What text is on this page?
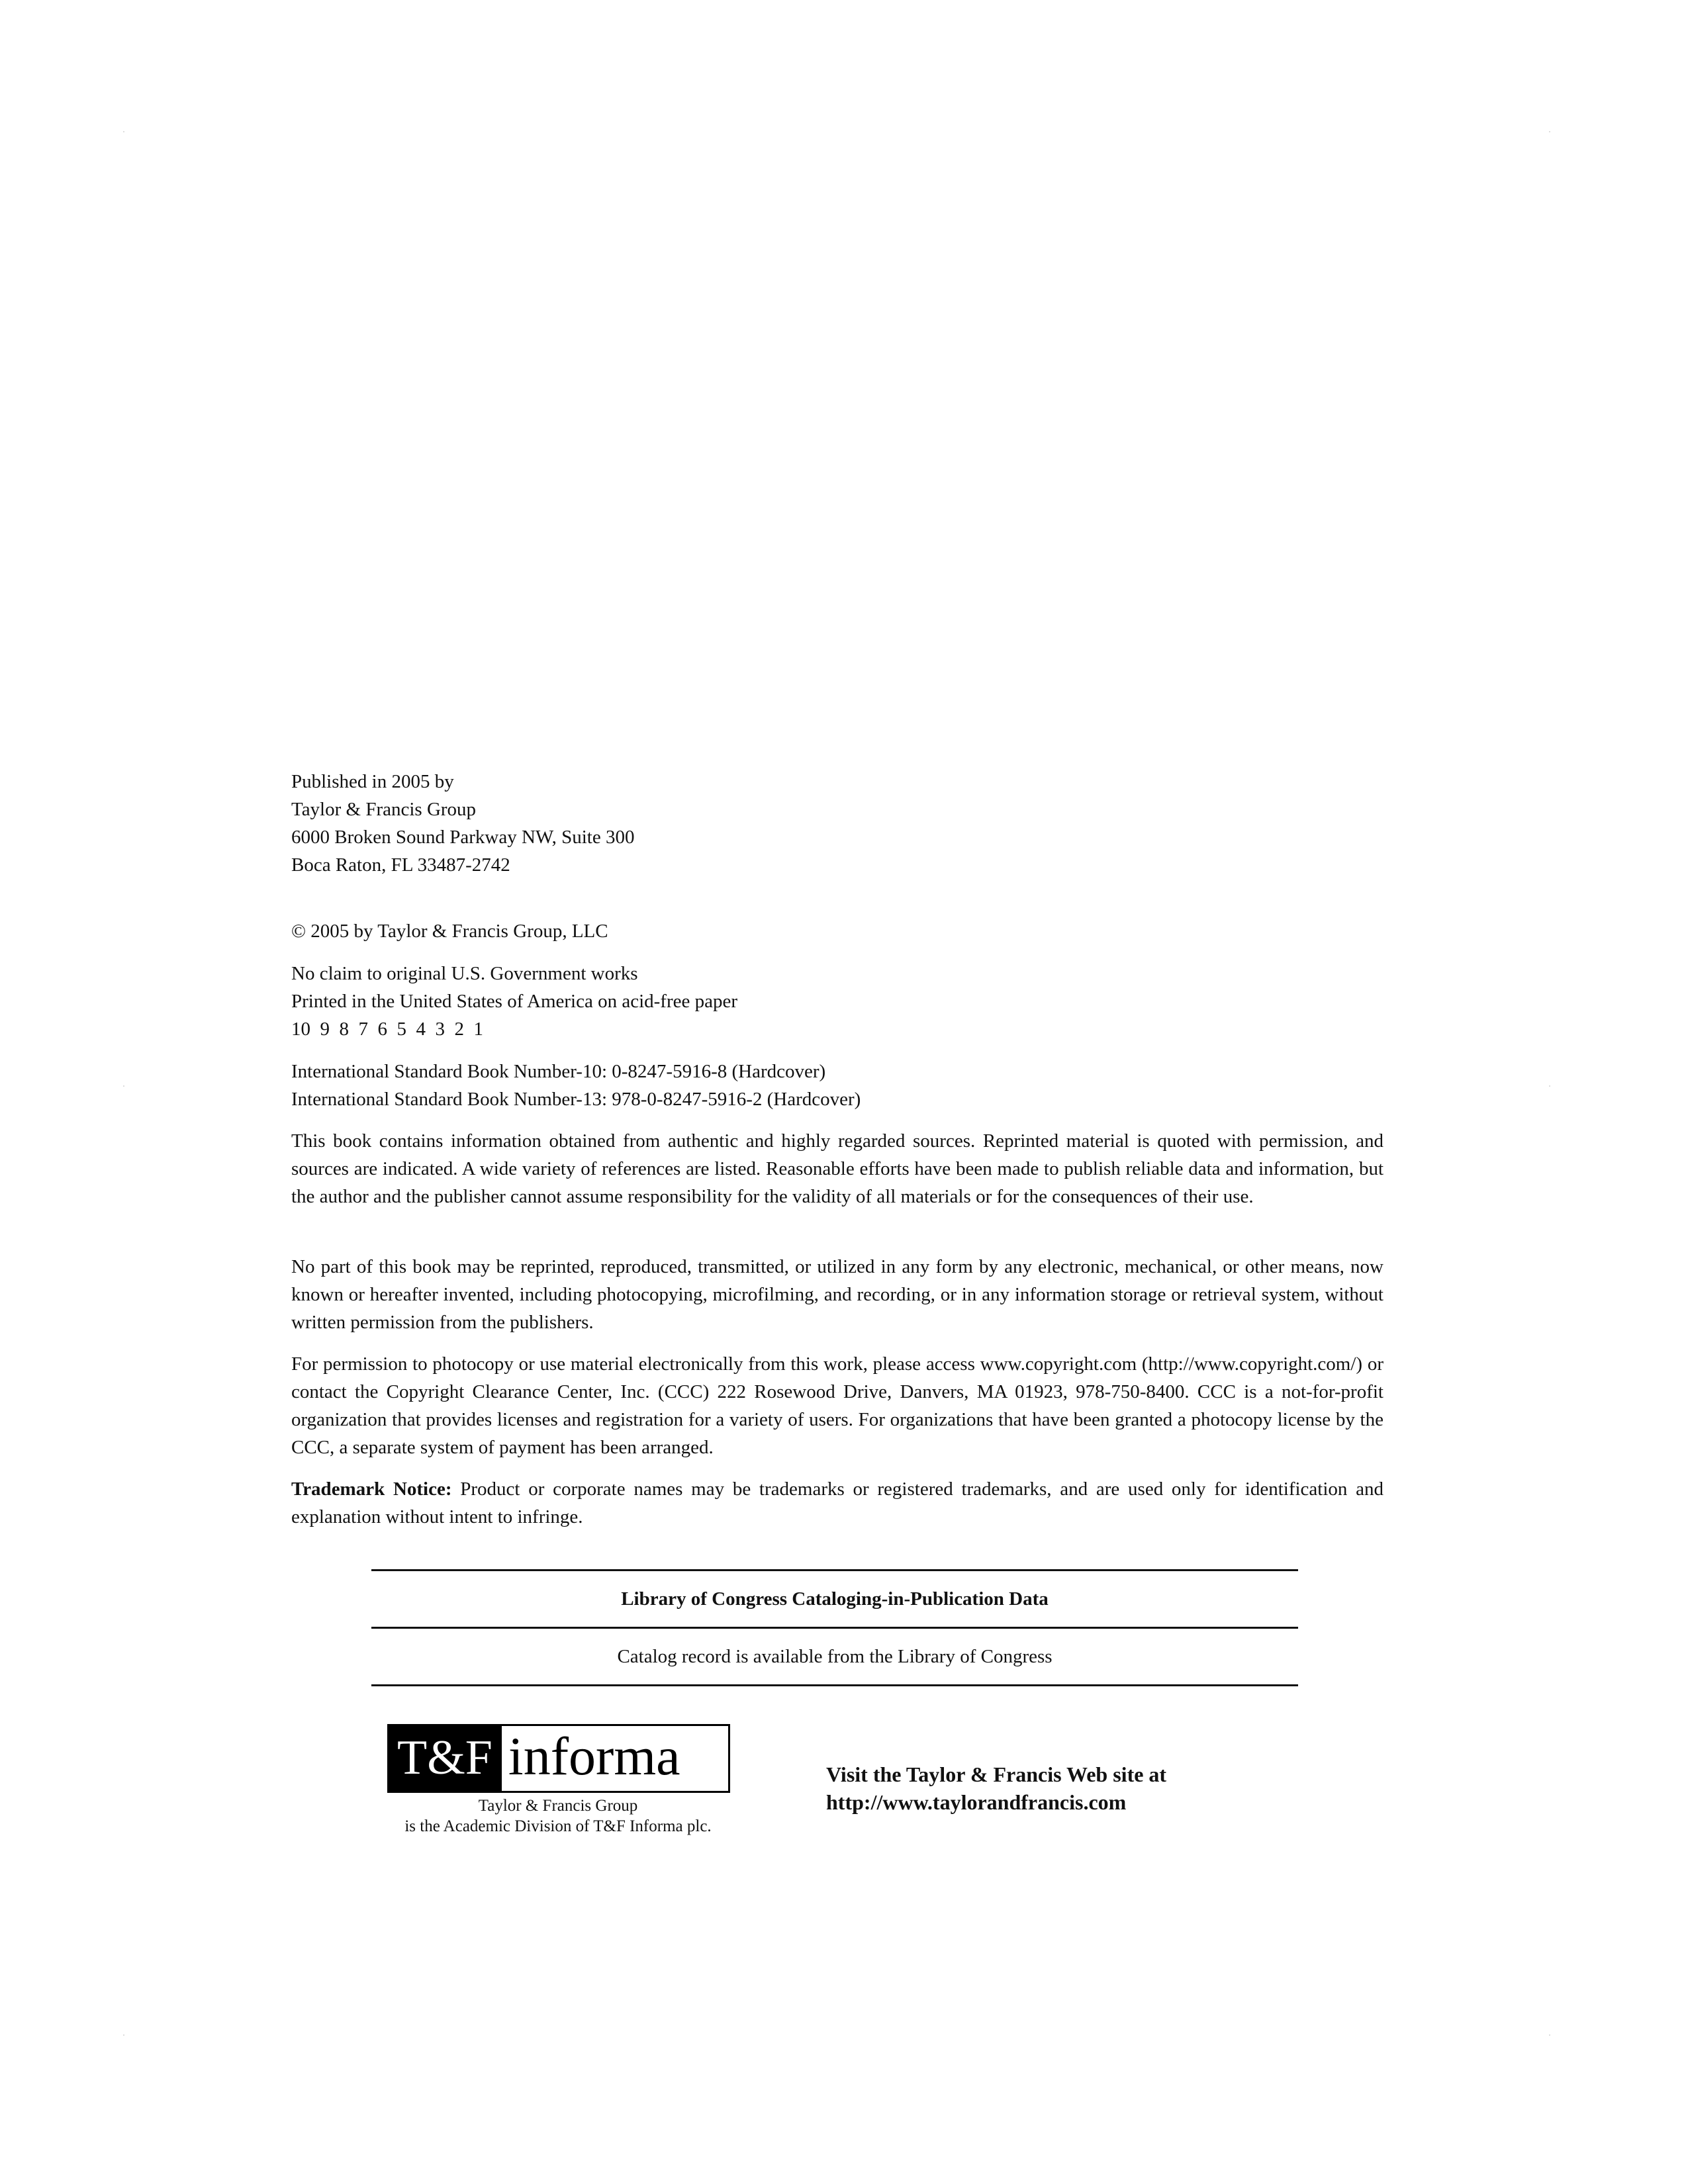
Published in 2005 by
Taylor & Francis Group
6000 Broken Sound Parkway NW, Suite 300
Boca Raton, FL 33487-2742
© 2005 by Taylor & Francis Group, LLC
No claim to original U.S. Government works
Printed in the United States of America on acid-free paper
10  9  8  7  6  5  4  3  2  1
International Standard Book Number-10: 0-8247-5916-8 (Hardcover)
International Standard Book Number-13: 978-0-8247-5916-2 (Hardcover)
This book contains information obtained from authentic and highly regarded sources. Reprinted material is quoted with permission, and sources are indicated. A wide variety of references are listed. Reasonable efforts have been made to publish reliable data and information, but the author and the publisher cannot assume responsibility for the validity of all materials or for the consequences of their use.
No part of this book may be reprinted, reproduced, transmitted, or utilized in any form by any electronic, mechanical, or other means, now known or hereafter invented, including photocopying, microfilming, and recording, or in any information storage or retrieval system, without written permission from the publishers.
For permission to photocopy or use material electronically from this work, please access www.copyright.com (http://www.copyright.com/) or contact the Copyright Clearance Center, Inc. (CCC) 222 Rosewood Drive, Danvers, MA 01923, 978-750-8400. CCC is a not-for-profit organization that provides licenses and registration for a variety of users. For organizations that have been granted a photocopy license by the CCC, a separate system of payment has been arranged.
Trademark Notice: Product or corporate names may be trademarks or registered trademarks, and are used only for identification and explanation without intent to infringe.
Library of Congress Cataloging-in-Publication Data
Catalog record is available from the Library of Congress
T&F informa
Taylor & Francis Group
is the Academic Division of T&F Informa plc.
Visit the Taylor & Francis Web site at
http://www.taylorandfrancis.com
